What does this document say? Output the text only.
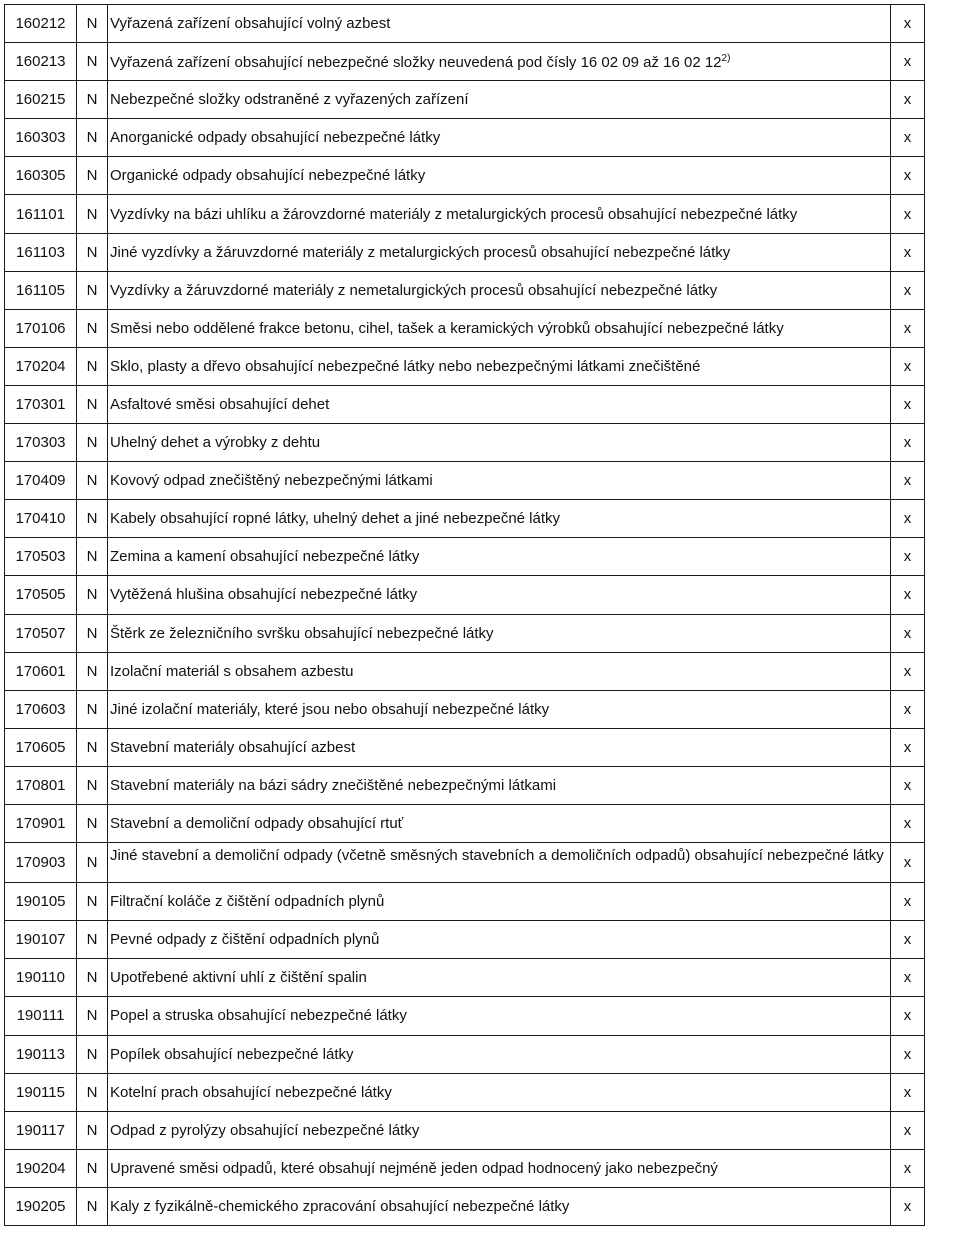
160212	N	Vyřazená zařízení obsahující volný azbest	x
160213	N	Vyřazená zařízení obsahující nebezpečné složky neuvedená pod čísly 16 02 09 až 16 02 12$^{2)}$	x
160215	N	Nebezpečné složky odstraněné z vyřazených zařízení	x
160303	N	Anorganické odpady obsahující nebezpečné látky	x
160305	N	Organické odpady obsahující nebezpečné látky	x
161101	N	Vyzdívky na bázi uhlíku a žárovzdorné materiály z metalurgických procesů obsahující nebezpečné látky	x
161103	N	Jiné vyzdívky a žáruvzdorné materiály z metalurgických procesů obsahující nebezpečné látky	x
161105	N	Vyzdívky a žáruvzdorné materiály z nemetalurgických procesů obsahující nebezpečné látky	x
170106	N	Směsi nebo oddělené frakce betonu, cihel, tašek a keramických výrobků obsahující nebezpečné látky	x
170204	N	Sklo, plasty a dřevo obsahující nebezpečné látky nebo nebezpečnými látkami znečištěné	x
170301	N	Asfaltové směsi obsahující dehet	x
170303	N	Uhelný dehet a výrobky z dehtu	x
170409	N	Kovový odpad znečištěný nebezpečnými látkami	x
170410	N	Kabely obsahující ropné látky, uhelný dehet a jiné nebezpečné látky	x
170503	N	Zemina a kamení obsahující nebezpečné látky	x
170505	N	Vytěžená hlušina obsahující nebezpečné látky	x
170507	N	Štěrk ze železničního svršku obsahující nebezpečné látky	x
170601	N	Izolační materiál s obsahem azbestu	x
170603	N	Jiné izolační materiály, které jsou nebo obsahují nebezpečné látky	x
170605	N	Stavební materiály obsahující azbest	x
170801	N	Stavební materiály na bázi sádry znečištěné nebezpečnými látkami	x
170901	N	Stavební a demoliční odpady obsahující rtuť	x
170903	N	Jiné stavební a demoliční odpady (včetně směsných stavebních a demoličních odpadů) obsahující nebezpečné látky	x
190105	N	Filtrační koláče z čištění odpadních plynů	x
190107	N	Pevné odpady z čištění odpadních plynů	x
190110	N	Upotřebené aktivní uhlí z čištění spalin	x
190111	N	Popel a struska obsahující nebezpečné látky	x
190113	N	Popílek obsahující nebezpečné látky	x
190115	N	Kotelní prach obsahující nebezpečné látky	x
190117	N	Odpad z pyrolýzy obsahující nebezpečné látky	x
190204	N	Upravené směsi odpadů, které obsahují nejméně jeden odpad hodnocený jako nebezpečný	x
190205	N	Kaly z fyzikálně-chemického zpracování obsahující nebezpečné látky	x
